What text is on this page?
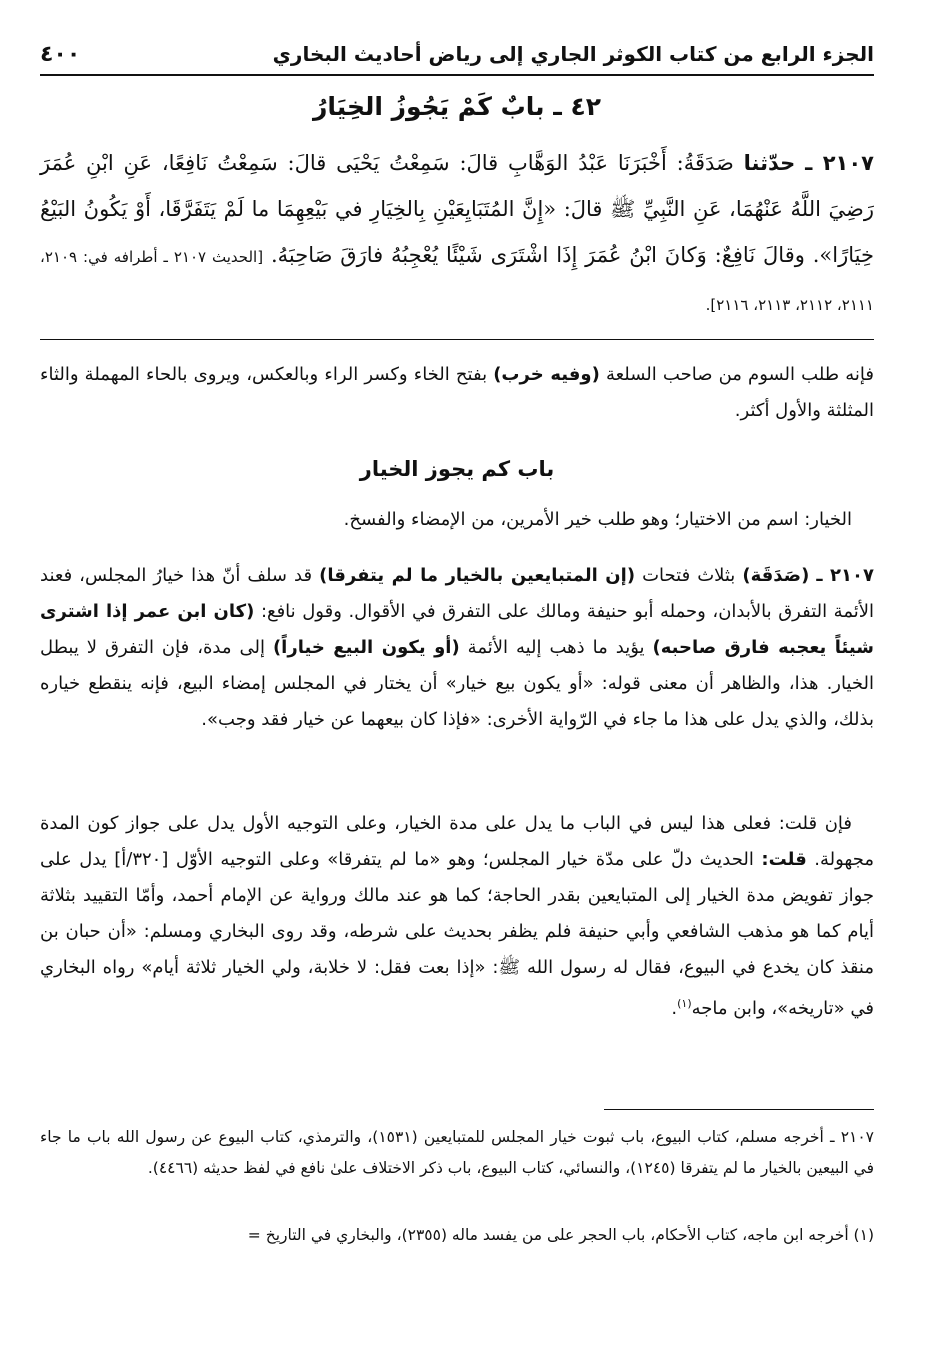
الجزء الرابع من كتاب الكوثر الجاري إلى رياض أحاديث البخاري
٤٠٠
٤٢ ـ بابٌ كَمْ يَجُوزُ الخِيَارُ
٢١٠٧ ـ حدّثنا صَدَقَةُ: أَخْبَرَنَا عَبْدُ الوَهَّابِ قالَ: سَمِعْتُ يَحْيَى قالَ: سَمِعْتُ نَافِعًا، عَنِ ابْنِ عُمَرَ رَضِيَ اللَّهُ عَنْهُمَا، عَنِ النَّبِيِّ ﷺ قالَ: «إِنَّ المُتَبَايِعَيْنِ بِالخِيَارِ في بَيْعِهِمَا ما لَمْ يَتَفَرَّقَا، أَوْ يَكُونُ البَيْعُ خِيَارًا». وقالَ نَافِعٌ: وَكانَ ابْنُ عُمَرَ إِذَا اشْتَرَى شَيْئًا يُعْجِبُهُ فارَقَ صَاحِبَهُ. [الحديث ٢١٠٧ ـ أطرافه في: ٢١٠٩، ٢١١١، ٢١١٢، ٢١١٣، ٢١١٦].

فإنه طلب السوم من صاحب السلعة (وفيه خرب) بفتح الخاء وكسر الراء وبالعكس، ويروى بالحاء المهملة والثاء المثلثة والأول أكثر.

باب كم يجوز الخيار

الخيار: اسم من الاختيار؛ وهو طلب خير الأمرين، من الإمضاء والفسخ.

٢١٠٧ ـ (صَدَقَة) بثلاث فتحات (إن المتبايعين بالخيار ما لم يتفرقا) قد سلف أنّ هذا خيارُ المجلس، فعند الأئمة التفرق بالأبدان، وحمله أبو حنيفة ومالك على التفرق في الأقوال. وقول نافع: (كان ابن عمر إذا اشترى شيئاً يعجبه فارق صاحبه) يؤيد ما ذهب إليه الأئمة (أو يكون البيع خياراً) إلى مدة، فإن التفرق لا يبطل الخيار. هذا، والظاهر أن معنى قوله: «أو يكون بيع خيار» أن يختار في المجلس إمضاء البيع، فإنه ينقطع خياره بذلك، والذي يدل على هذا ما جاء في الرّواية الأخرى: «فإذا كان بيعهما عن خيار فقد وجب».

فإن قلت: فعلى هذا ليس في الباب ما يدل على مدة الخيار، وعلى التوجيه الأول يدل على جواز كون المدة مجهولة. قلت: الحديث دلّ على مدّة خيار المجلس؛ وهو «ما لم يتفرقا» وعلى التوجيه الأوّل [٣٢٠/أ] يدل على جواز تفويض مدة الخيار إلى المتبايعين بقدر الحاجة؛ كما هو عند مالك ورواية عن الإمام أحمد، وأمّا التقييد بثلاثة أيام كما هو مذهب الشافعي وأبي حنيفة فلم يظفر بحديث على شرطه، وقد روى البخاري ومسلم: «أن حبان بن منقذ كان يخدع في البيوع، فقال له رسول الله ﷺ: «إذا بعت فقل: لا خلابة، ولي الخيار ثلاثة أيام» رواه البخاري في «تاريخه»، وابن ماجه$^{(١)}$.

٢١٠٧ ـ أخرجه مسلم، كتاب البيوع، باب ثبوت خيار المجلس للمتبايعين (١٥٣١)، والترمذي، كتاب البيوع عن رسول الله باب ما جاء في البيعين بالخيار ما لم يتفرقا (١٢٤٥)، والنسائي، كتاب البيوع، باب ذكر الاختلاف علىٰ نافع في لفظ حديثه (٤٤٦٦).

(١) أخرجه ابن ماجه، كتاب الأحكام، باب الحجر على من يفسد ماله (٢٣٥٥)، والبخاري في التاريخ =
